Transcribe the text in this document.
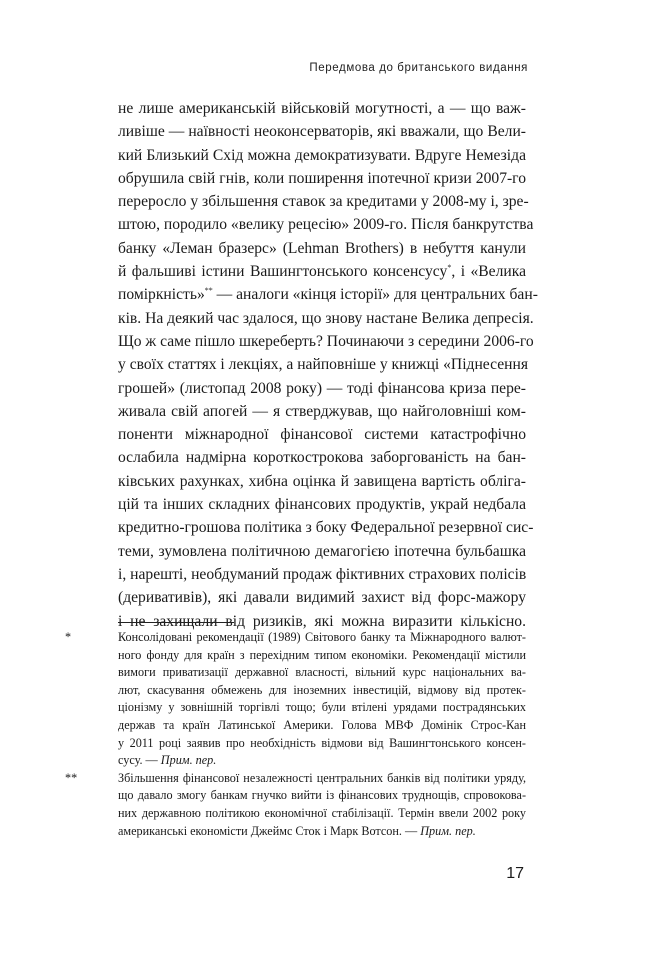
Передмова до британського видання
не лише американській військовій могутності, а — що важ-
ливіше — наївності неоконсерваторів, які вважали, що Вели-
кий Близький Схід можна демократизувати. Вдруге Немезіда
обрушила свій гнів, коли поширення іпотечної кризи 2007-го
переросло у збільшення ставок за кредитами у 2008-му і, зре-
штою, породило «велику рецесію» 2009-го. Після банкрутства
банку «Леман бразерс» (Lehman Brothers) в небуття канули
й фальшиві істини Вашингтонського консенсусу*, і «Велика
поміркність»** — аналоги «кінця історії» для центральних бан-
ків. На деякий час здалося, що знову настане Велика депресія.
Що ж саме пішло шкереберть? Починаючи з середини 2006-го
у своїх статтях і лекціях, а найповніше у книжці «Піднесення
грошей» (листопад 2008 року) — тоді фінансова криза пере-
живала свій апогей — я стверджував, що найголовніші ком-
поненти міжнародної фінансової системи катастрофічно
ослабила надмірна короткострокова заборгованість на бан-
ківських рахунках, хибна оцінка й завищена вартість облiга-
цій та інших складних фінансових продуктів, украй недбала
кредитно-грошова політика з боку Федеральної резервної сис-
теми, зумовлена політичною демагогією іпотечна бульбашка
і, нарешті, необдуманий продаж фіктивних страхових полісів
(деривативів), які давали видимий захист від форс-мажору
і не захищали від ризиків, які можна виразити кількісно.
*	Консолідовані рекомендації (1989) Світового банку та Міжнародного валют-
ного фонду для країн з перехідним типом економіки. Рекомендації містили
вимоги приватизації державної власності, вільний курс національних ва-
лют, скасування обмежень для іноземних інвестицій, відмову від протек-
ціонізму у зовнішній торгівлі тощо; були втілені урядами пострадянських
держав та країн Латинської Америки. Голова МВФ Домінік Строс-Кан
у 2011 році заявив про необхідність відмови від Вашингтонського консен-
сусу. — Прим. пер.
**	Збільшення фінансової незалежності центральних банків від політики уряду,
що давало змогу банкам гнучко вийти із фінансових труднощів, спровокова-
них державною політикою економічної стабілізації. Термін ввели 2002 року
американські економісти Джеймс Сток і Марк Вотсон. — Прим. пер.
17
